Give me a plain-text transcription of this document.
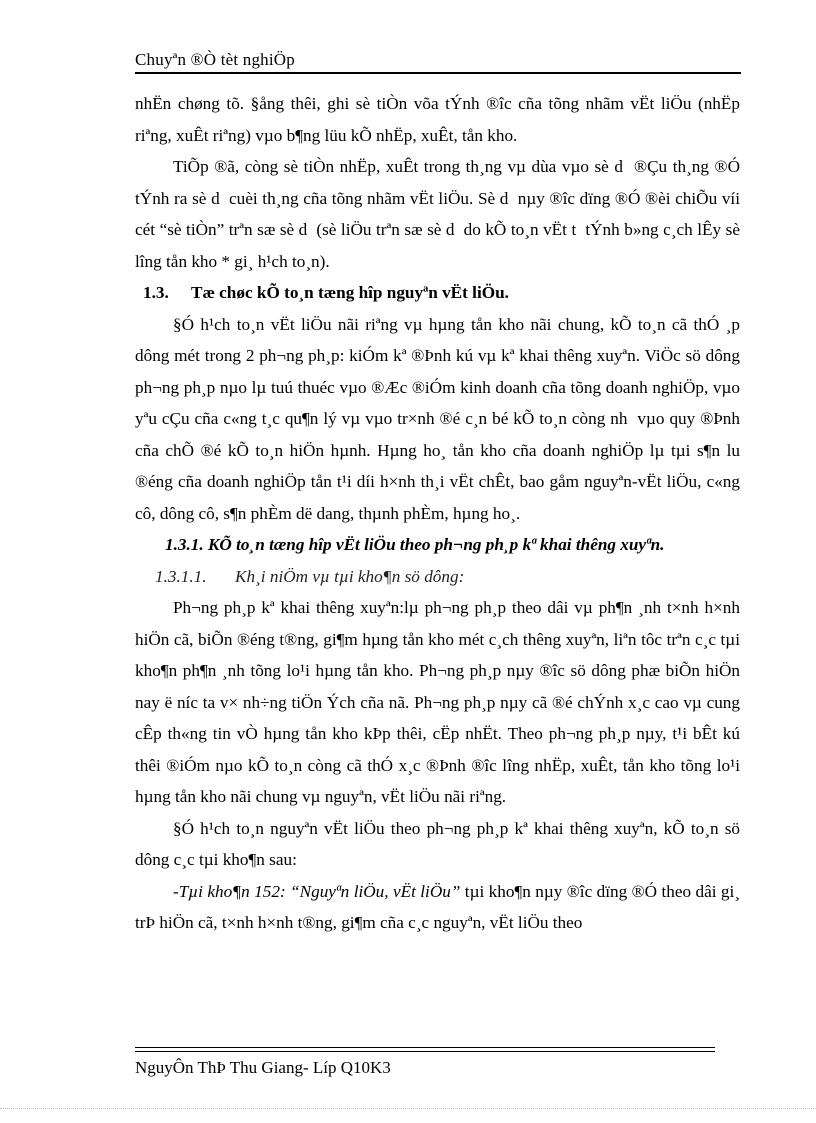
Chuyªn ®Ò tèt nghiÖp

nhËn chøng tõ. §ång thêi, ghi sè tiÒn võa tÝnh ®îc cña tõng nhãm vËt liÖu (nhËp riªng, xuÊt riªng) vµo b¶ng lüu kÕ nhËp, xuÊt, tån kho.

TiÕp ®ã, còng sè tiÒn nhËp, xuÊt trong th¸ng vµ dùa vµo sè d  ®Çu th¸ng ®Ó tÝnh ra sè d  cuèi th¸ng cña tõng nhãm vËt liÖu. Sè d  nµy ®îc dïng ®Ó ®èi chiÕu víi cét “sè tiÒn” trªn sæ sè d  (sè liÖu trªn sæ sè d  do kÕ to¸n vËt t  tÝnh b»ng c¸ch lÊy sè lîng tån kho * gi¸ h¹ch to¸n).

1.3. Tæ chøc kÕ to¸n tæng hîp nguyªn vËt liÖu.

§Ó h¹ch to¸n vËt liÖu nãi riªng vµ hµng tån kho nãi chung, kÕ to¸n cã thÓ ¸p dông mét trong 2 ph¬ng ph¸p: kiÓm kª ®Þnh kú vµ kª khai thêng xuyªn. ViÖc sö dông ph¬ng ph¸p nµo lµ tuú thuéc vµo ®Æc ®iÓm kinh doanh cña tõng doanh nghiÖp, vµo yªu cÇu cña c«ng t¸c qu¶n lý vµ vµo tr×nh ®é c¸n bé kÕ to¸n còng nh  vµo quy ®Þnh cña chÕ ®é kÕ to¸n hiÖn hµnh. Hµng ho¸ tån kho cña doanh nghiÖp lµ tµi s¶n lu ®éng cña doanh nghiÖp tån t¹i díi h×nh th¸i vËt chÊt, bao gåm nguyªn-vËt liÖu, c«ng cô, dông cô, s¶n phÈm dë dang, thµnh phÈm, hµng ho¸.

1.3.1. KÕ to¸n tæng hîp vËt liÖu theo ph¬ng ph¸p kª khai thêng xuyªn.

1.3.1.1. Kh¸i niÖm vµ tµi kho¶n sö dông:

Ph¬ng ph¸p kª khai thêng xuyªn:lµ ph¬ng ph¸p theo dâi vµ ph¶n ¸nh t×nh h×nh hiÖn cã, biÕn ®éng t®ng, gi¶m hµng tån kho mét c¸ch thêng xuyªn, liªn tôc trªn c¸c tµi kho¶n ph¶n ¸nh tõng lo¹i hµng tån kho. Ph¬ng ph¸p nµy ®îc sö dông phæ biÕn hiÖn nay ë níc ta v× nh÷ng tiÖn Ých cña nã. Ph¬ng ph¸p nµy cã ®é chÝnh x¸c cao vµ cung cÊp th«ng tin vÒ hµng tån kho kÞp thêi, cËp nhËt. Theo ph¬ng ph¸p nµy, t¹i bÊt kú thêi ®iÓm nµo kÕ to¸n còng cã thÓ x¸c ®Þnh ®îc lîng nhËp, xuÊt, tån kho tõng lo¹i hµng tån kho nãi chung vµ nguyªn, vËt liÖu nãi riªng.

§Ó h¹ch to¸n nguyªn vËt liÖu theo ph¬ng ph¸p kª khai thêng xuyªn, kÕ to¸n sö dông c¸c tµi kho¶n sau:

-Tµi kho¶n 152: “Nguyªn liÖu, vËt liÖu” tµi kho¶n nµy ®îc dïng ®Ó theo dâi gi¸ trÞ hiÖn cã, t×nh h×nh t®ng, gi¶m cña c¸c nguyªn, vËt liÖu theo

NguyÔn ThÞ Thu Giang- Líp Q10K3
